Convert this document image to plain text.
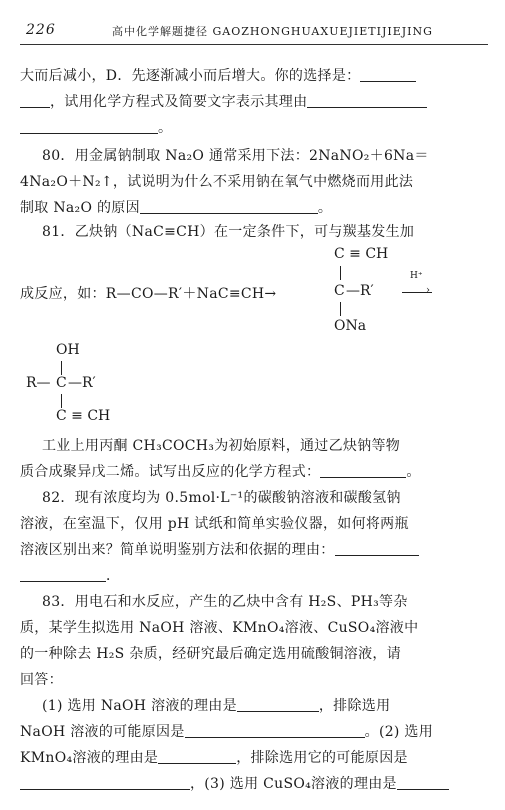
226	高中化学解题捷径 GAOZHONGHUAXUEJIETIJIEJING
大而后减小，D．先逐渐减小而后增大。你的选择是：
，试用化学方程式及简要文字表示其理由
。
80．用金属钠制取 Na₂O 通常采用下法：2NaNO₂＋6Na＝
4Na₂O＋N₂↑，试说明为什么不采用钠在氧气中燃烧而用此法
制取 Na₂O 的原因	。
81．乙炔钠（NaC≡CH）在一定条件下，可与羰基发生加
C ≡ CH
成反应，如：R—CO—R′＋NaC≡CH→	C —R′
H⁺
›
ONa
OH
R— C —R′
C ≡ CH
工业上用丙酮 CH₃COCH₃为初始原料，通过乙炔钠等物
质合成聚异戊二烯。试写出反应的化学方程式：	。
82．现有浓度均为 0.5mol·L⁻¹的碳酸钠溶液和碳酸氢钠
溶液，在室温下，仅用 pH 试纸和简单实验仪器，如何将两瓶
溶液区别出来？简单说明鉴别方法和依据的理由：
．
83．用电石和水反应，产生的乙炔中含有 H₂S、PH₃等杂
质，某学生拟选用 NaOH 溶液、KMnO₄溶液、CuSO₄溶液中
的一种除去 H₂S 杂质，经研究最后确定选用硫酸铜溶液，请
回答：
(1) 选用 NaOH 溶液的理由是	，排除选用
NaOH 溶液的可能原因是	。(2) 选用
KMnO₄溶液的理由是	，排除选用它的可能原因是
，(3) 选用 CuSO₄溶液的理由是
